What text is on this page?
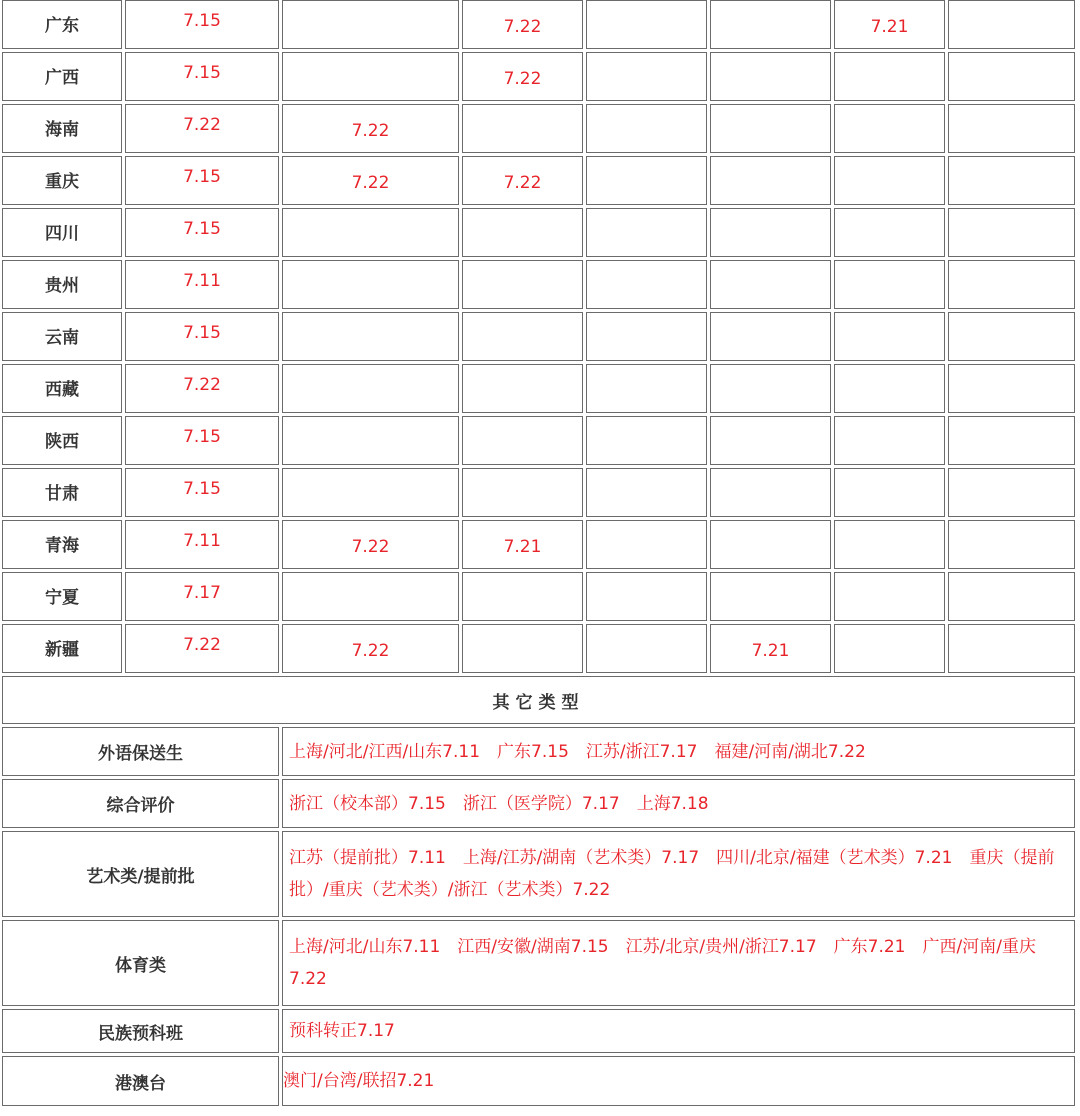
广东	7.15		7.22			7.21	
广西	7.15		7.22				
海南	7.22	7.22					
重庆	7.15	7.22	7.22				
四川	7.15						
贵州	7.11						
云南	7.15						
西藏	7.22						
陕西	7.15						
甘肃	7.15						
青海	7.11	7.22	7.21				
宁夏	7.17						
新疆	7.22	7.22			7.21		
其它类型							
外语保送生		上海/河北/江西/山东7.11　广东7.15　江苏/浙江7.17　福建/河南/湖北7.22					
综合评价		浙江（校本部）7.15　浙江（医学院）7.17　上海7.18					
艺术类/提前批		江苏（提前批）7.11　上海/江苏/湖南（艺术类）7.17　四川/北京/福建（艺术类）7.21　重庆（提前批）/重庆（艺术类）/浙江（艺术类）7.22					
体育类		上海/河北/山东7.11　江西/安徽/湖南7.15　江苏/北京/贵州/浙江7.17　广东7.21　广西/河南/重庆7.22					
民族预科班		预科转正7.17					
港澳台		澳门/台湾/联招7.21					
